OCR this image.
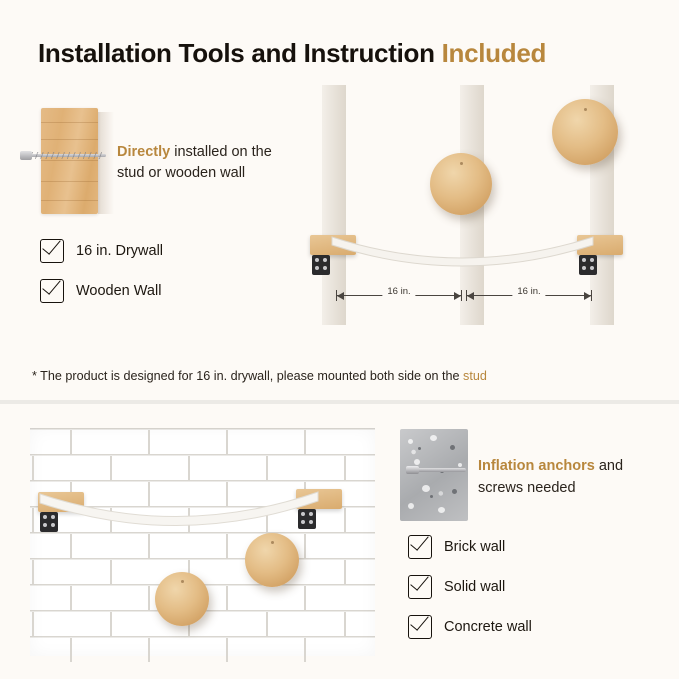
Installation Tools and Instruction Included
Directly installed on the stud or wooden wall
16 in. Drywall
Wooden Wall	16 in.	16 in.
* The product is designed for 16 in. drywall, please mounted both side on the stud
Inflation anchors and screws needed
Brick wall
Solid wall
Concrete wall
